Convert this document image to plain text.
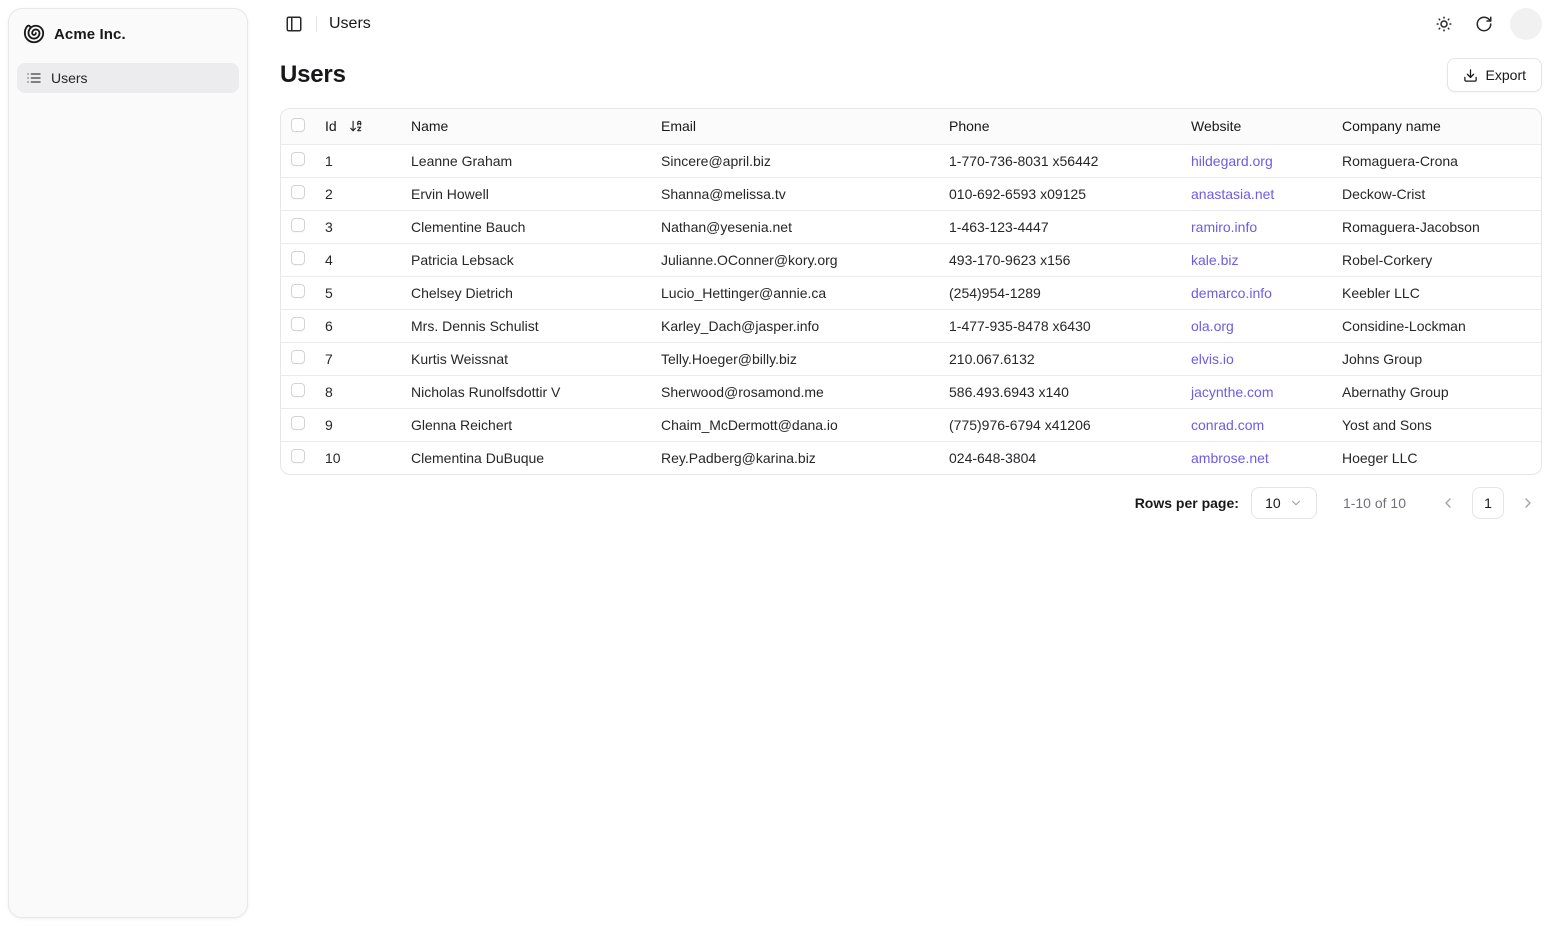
Acme Inc.
Users
Users
Users	Export

	Id	Name	Email	Phone	Website	Company name
	1	Leanne Graham	Sincere@april.biz	1-770-736-8031 x56442	hildegard.org	Romaguera-Crona
	2	Ervin Howell	Shanna@melissa.tv	010-692-6593 x09125	anastasia.net	Deckow-Crist
	3	Clementine Bauch	Nathan@yesenia.net	1-463-123-4447	ramiro.info	Romaguera-Jacobson
	4	Patricia Lebsack	Julianne.OConner@kory.org	493-170-9623 x156	kale.biz	Robel-Corkery
	5	Chelsey Dietrich	Lucio_Hettinger@annie.ca	(254)954-1289	demarco.info	Keebler LLC
	6	Mrs. Dennis Schulist	Karley_Dach@jasper.info	1-477-935-8478 x6430	ola.org	Considine-Lockman
	7	Kurtis Weissnat	Telly.Hoeger@billy.biz	210.067.6132	elvis.io	Johns Group
	8	Nicholas Runolfsdottir V	Sherwood@rosamond.me	586.493.6943 x140	jacynthe.com	Abernathy Group
	9	Glenna Reichert	Chaim_McDermott@dana.io	(775)976-6794 x41206	conrad.com	Yost and Sons
	10	Clementina DuBuque	Rey.Padberg@karina.biz	024-648-3804	ambrose.net	Hoeger LLC
Rows per page: 10	1-10 of 10	1
